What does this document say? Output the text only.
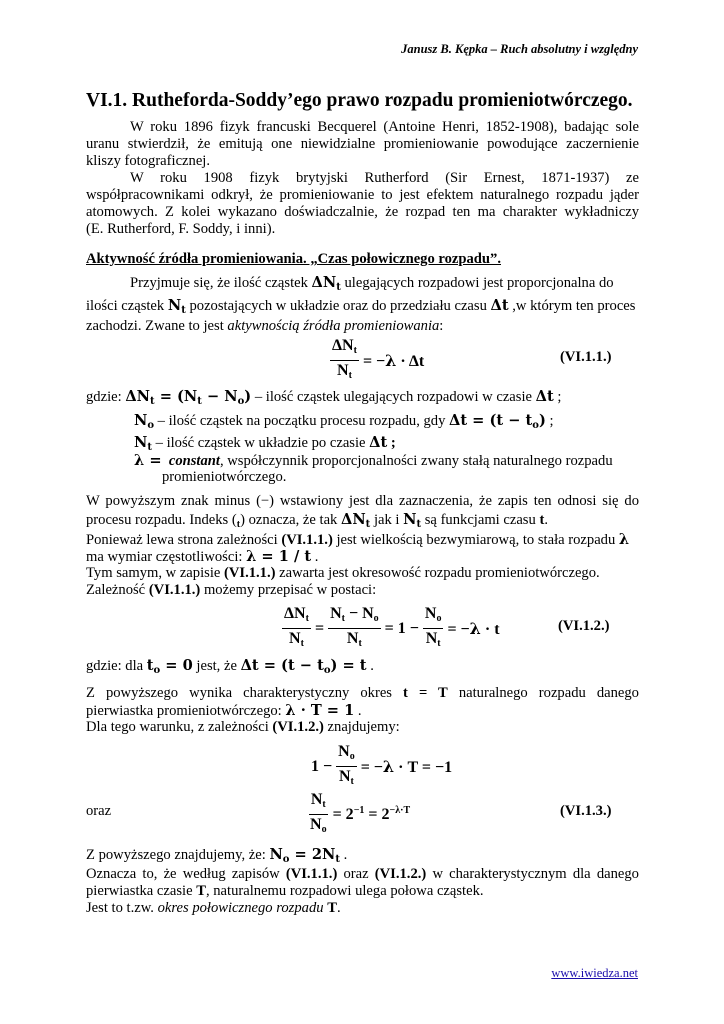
Janusz B. Kępka – Ruch absolutny i względny
VI.1. Rutheforda-Soddy’ego prawo rozpadu promieniotwórczego.
W roku 1896 fizyk francuski Becquerel (Antoine Henri, 1852-1908), badając sole
uranu stwierdził, że emitują one niewidzialne promieniowanie powodujące zaczernienie
kliszy fotograficznej.
W roku 1908 fizyk brytyjski Rutherford (Sir Ernest, 1871-1937) ze
współpracownikami odkrył, że promieniowanie to jest efektem naturalnego rozpadu jąder
atomowych. Z kolei wykazano doświadczalnie, że rozpad ten ma charakter wykładniczy
(E. Rutherford, F. Soddy, i inni).
Aktywność źródła promieniowania. „Czas połowicznego rozpadu”.
Przyjmuje się, że ilość cząstek $\Delta N_t$ ulegających rozpadowi jest proporcjonalna do
ilości cząstek $N_t$ pozostających w układzie oraz do przedziału czasu Δt ,w którym ten proces
zachodzi. Zwane to jest aktywnością źródła promieniowania:
$\frac{\Delta N_t}{N_t} = -\lambda \cdot \Delta t$	(VI.1.1.)
gdzie: $\Delta N_t = (N_t - N_o)$ – ilość cząstek ulegających rozpadowi w czasie Δt ;
$N_o$ – ilość cząstek na początku procesu rozpadu, gdy $\Delta t = (t - t_o)$ ;
$N_t$ – ilość cząstek w układzie po czasie Δt ;
λ = constant, współczynnik proporcjonalności zwany stałą naturalnego rozpadu
promieniotwórczego.
W powyższym znak minus (−) wstawiony jest dla zaznaczenia, że zapis ten odnosi się do
procesu rozpadu. Indeks $(_t)$ oznacza, że tak $\Delta N_t$ jak i $N_t$ są funkcjami czasu t.
Ponieważ lewa strona zależności (VI.1.1.) jest wielkością bezwymiarową, to stała rozpadu λ
ma wymiar częstotliwości: λ = 1 / t .
Tym samym, w zapisie (VI.1.1.) zawarta jest okresowość rozpadu promieniotwórczego.
Zależność (VI.1.1.) możemy przepisać w postaci:
$\frac{\Delta N_t}{N_t} = \frac{N_t - N_o}{N_t} = 1 - \frac{N_o}{N_t} = -\lambda \cdot t$	(VI.1.2.)
gdzie: dla $t_o = 0$ jest, że $\Delta t = (t - t_o) = t$ .
Z powyższego wynika charakterystyczny okres t = T naturalnego rozpadu danego
pierwiastka promieniotwórczego: λ · T = 1 .
Dla tego warunku, z zależności (VI.1.2.) znajdujemy:
$1 - \frac{N_o}{N_t} = -\lambda \cdot T = -1$
oraz	$\frac{N_t}{N_o} = 2^{-1} = 2^{-\lambda\cdot T}$	(VI.1.3.)
Z powyższego znajdujemy, że: $N_o = 2N_t$ .
Oznacza to, że według zapisów (VI.1.1.) oraz (VI.1.2.) w charakterystycznym dla danego
pierwiastka czasie T, naturalnemu rozpadowi ulega połowa cząstek.
Jest to t.zw. okres połowicznego rozpadu T.
www.iwiedza.net
